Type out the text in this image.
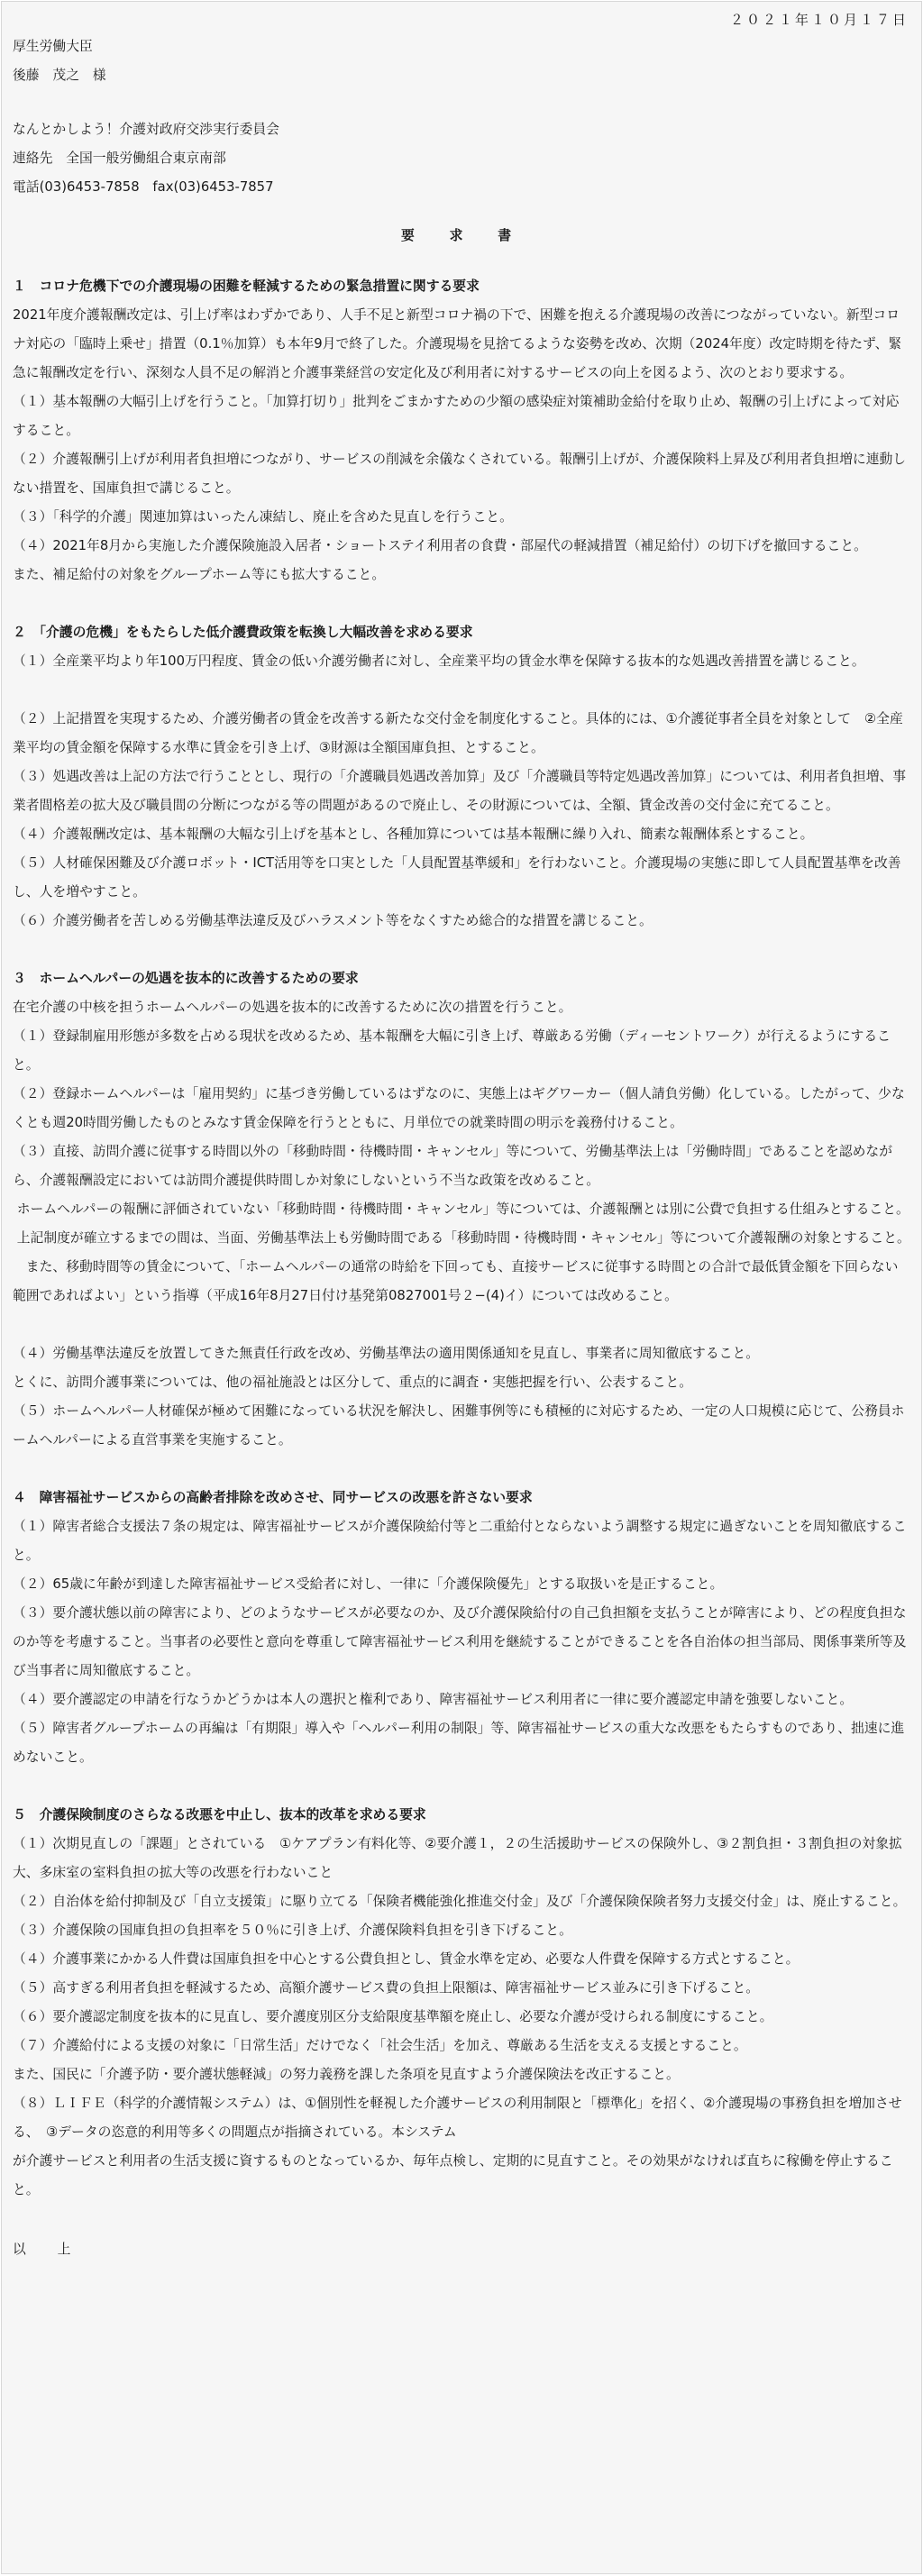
２０２１年１０月１７日

厚生労働大臣

後藤　茂之　様

なんとかしよう！介護対政府交渉実行委員会

連絡先　全国一般労働組合東京南部

電話(03)6453-7858　fax(03)6453-7857

要　求　書

１　コロナ危機下での介護現場の困難を軽減するための緊急措置に関する要求

2021年度介護報酬改定は、引上げ率はわずかであり、人手不足と新型コロナ禍の下で、困難を抱える介護現場の改善につながっていない。新型コロナ対応の「臨時上乗せ」措置（0.1％加算）も本年9月で終了した。介護現場を見捨てるような姿勢を改め、次期（2024年度）改定時期を待たず、緊急に報酬改定を行い、深刻な人員不足の解消と介護事業経営の安定化及び利用者に対するサービスの向上を図るよう、次のとおり要求する。

（１）基本報酬の大幅引上げを行うこと。「加算打切り」批判をごまかすための少額の感染症対策補助金給付を取り止め、報酬の引上げによって対応すること。

（２）介護報酬引上げが利用者負担増につながり、サービスの削減を余儀なくされている。報酬引上げが、介護保険料上昇及び利用者負担増に連動しない措置を、国庫負担で講じること。

（３）「科学的介護」関連加算はいったん凍結し、廃止を含めた見直しを行うこと。

（４）2021年8月から実施した介護保険施設入居者・ショートステイ利用者の食費・部屋代の軽減措置（補足給付）の切下げを撤回すること。

また、補足給付の対象をグループホーム等にも拡大すること。

２　「介護の危機」をもたらした低介護費政策を転換し大幅改善を求める要求

（１）全産業平均より年100万円程度、賃金の低い介護労働者に対し、全産業平均の賃金水準を保障する抜本的な処遇改善措置を講じること。

（２）上記措置を実現するため、介護労働者の賃金を改善する新たな交付金を制度化すること。具体的には、①介護従事者全員を対象として　②全産業平均の賃金額を保障する水準に賃金を引き上げ、③財源は全額国庫負担、とすること。

（３）処遇改善は上記の方法で行うこととし、現行の「介護職員処遇改善加算」及び「介護職員等特定処遇改善加算」については、利用者負担増、事業者間格差の拡大及び職員間の分断につながる等の問題があるので廃止し、その財源については、全額、賃金改善の交付金に充てること。

（４）介護報酬改定は、基本報酬の大幅な引上げを基本とし、各種加算については基本報酬に繰り入れ、簡素な報酬体系とすること。

（５）人材確保困難及び介護ロボット・ICT活用等を口実とした「人員配置基準緩和」を行わないこと。介護現場の実態に即して人員配置基準を改善し、人を増やすこと。

（６）介護労働者を苦しめる労働基準法違反及びハラスメント等をなくすため総合的な措置を講じること。

３　ホームヘルパーの処遇を抜本的に改善するための要求

在宅介護の中核を担うホームヘルパーの処遇を抜本的に改善するために次の措置を行うこと。

（１）登録制雇用形態が多数を占める現状を改めるため、基本報酬を大幅に引き上げ、尊厳ある労働（ディーセントワーク）が行えるようにすること。

（２）登録ホームヘルパーは「雇用契約」に基づき労働しているはずなのに、実態上はギグワーカー（個人請負労働）化している。したがって、少なくとも週20時間労働したものとみなす賃金保障を行うとともに、月単位での就業時間の明示を義務付けること。

（３）直接、訪問介護に従事する時間以外の「移動時間・待機時間・キャンセル」等について、労働基準法上は「労働時間」であることを認めながら、介護報酬設定においては訪問介護提供時間しか対象にしないという不当な政策を改めること。

ホームヘルパーの報酬に評価されていない「移動時間・待機時間・キャンセル」等については、介護報酬とは別に公費で負担する仕組みとすること。

上記制度が確立するまでの間は、当面、労働基準法上も労働時間である「移動時間・待機時間・キャンセル」等について介護報酬の対象とすること。

　また、移動時間等の賃金について、「ホームヘルパーの通常の時給を下回っても、直接サービスに従事する時間との合計で最低賃金額を下回らない範囲であればよい」という指導（平成16年8月27日付け基発第0827001号２−(4)イ）については改めること。

（４）労働基準法違反を放置してきた無責任行政を改め、労働基準法の適用関係通知を見直し、事業者に周知徹底すること。

とくに、訪問介護事業については、他の福祉施設とは区分して、重点的に調査・実態把握を行い、公表すること。

（５）ホームヘルパー人材確保が極めて困難になっている状況を解決し、困難事例等にも積極的に対応するため、一定の人口規模に応じて、公務員ホームヘルパーによる直営事業を実施すること。

４　障害福祉サービスからの高齢者排除を改めさせ、同サービスの改悪を許さない要求

（１）障害者総合支援法７条の規定は、障害福祉サービスが介護保険給付等と二重給付とならないよう調整する規定に過ぎないことを周知徹底すること。

（２）65歳に年齢が到達した障害福祉サービス受給者に対し、一律に「介護保険優先」とする取扱いを是正すること。

（３）要介護状態以前の障害により、どのようなサービスが必要なのか、及び介護保険給付の自己負担額を支払うことが障害により、どの程度負担なのか等を考慮すること。当事者の必要性と意向を尊重して障害福祉サービス利用を継続することができることを各自治体の担当部局、関係事業所等及び当事者に周知徹底すること。

（４）要介護認定の申請を行なうかどうかは本人の選択と権利であり、障害福祉サービス利用者に一律に要介護認定申請を強要しないこと。

（５）障害者グループホームの再編は「有期限」導入や「ヘルパー利用の制限」等、障害福祉サービスの重大な改悪をもたらすものであり、拙速に進めないこと。

５　介護保険制度のさらなる改悪を中止し、抜本的改革を求める要求

（１）次期見直しの「課題」とされている　①ケアプラン有料化等、②要介護１，２の生活援助サービスの保険外し、③２割負担・３割負担の対象拡大、多床室の室料負担の拡大等の改悪を行わないこと

（２）自治体を給付抑制及び「自立支援策」に駆り立てる「保険者機能強化推進交付金」及び「介護保険保険者努力支援交付金」は、廃止すること。

（３）介護保険の国庫負担の負担率を５０％に引き上げ、介護保険料負担を引き下げること。

（４）介護事業にかかる人件費は国庫負担を中心とする公費負担とし、賃金水準を定め、必要な人件費を保障する方式とすること。

（５）高すぎる利用者負担を軽減するため、高額介護サービス費の負担上限額は、障害福祉サービス並みに引き下げること。

（６）要介護認定制度を抜本的に見直し、要介護度別区分支給限度基準額を廃止し、必要な介護が受けられる制度にすること。

（７）介護給付による支援の対象に「日常生活」だけでなく「社会生活」を加え、尊厳ある生活を支える支援とすること。

また、国民に「介護予防・要介護状態軽減」の努力義務を課した条項を見直すよう介護保険法を改正すること。

（８）ＬＩＦＥ（科学的介護情報システム）は、①個別性を軽視した介護サービスの利用制限と「標準化」を招く、②介護現場の事務負担を増加させる、　③データの恣意的利用等多くの問題点が指摘されている。本システム

が介護サービスと利用者の生活支援に資するものとなっているか、毎年点検し、定期的に見直すこと。その効果がなければ直ちに稼働を停止すること。

以　上
